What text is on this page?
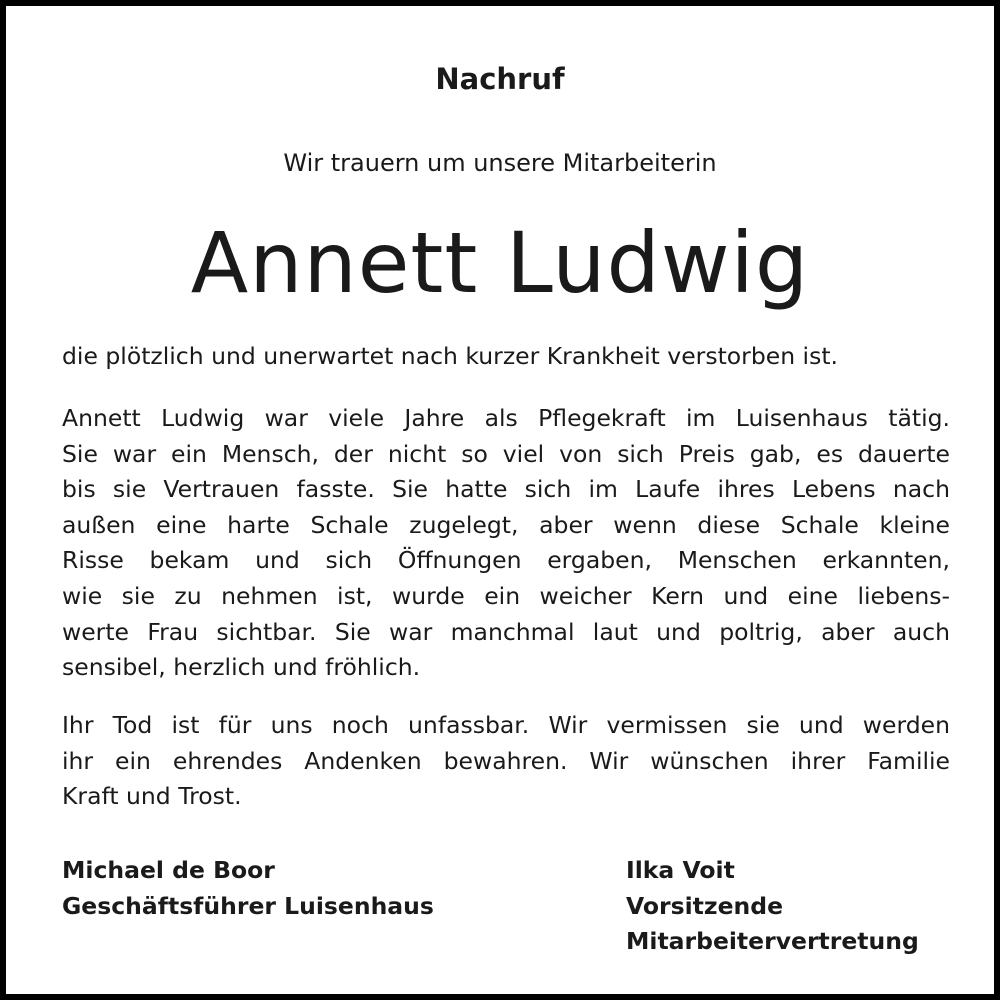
Nachruf
Wir trauern um unsere Mitarbeiterin
Annett Ludwig
die plötzlich und unerwartet nach kurzer Krankheit verstorben ist.
Annett Ludwig war viele Jahre als Pflegekraft im Luisenhaus tätig.
Sie war ein Mensch, der nicht so viel von sich Preis gab, es dauerte
bis sie Vertrauen fasste. Sie hatte sich im Laufe ihres Lebens nach
außen eine harte Schale zugelegt, aber wenn diese Schale kleine
Risse bekam und sich Öffnungen ergaben, Menschen erkannten,
wie sie zu nehmen ist, wurde ein weicher Kern und eine liebens-
werte Frau sichtbar. Sie war manchmal laut und poltrig, aber auch
sensibel, herzlich und fröhlich.
Ihr Tod ist für uns noch unfassbar. Wir vermissen sie und werden
ihr ein ehrendes Andenken bewahren. Wir wünschen ihrer Familie
Kraft und Trost.
Michael de Boor
Geschäftsführer Luisenhaus
Ilka Voit
Vorsitzende
Mitarbeitervertretung
